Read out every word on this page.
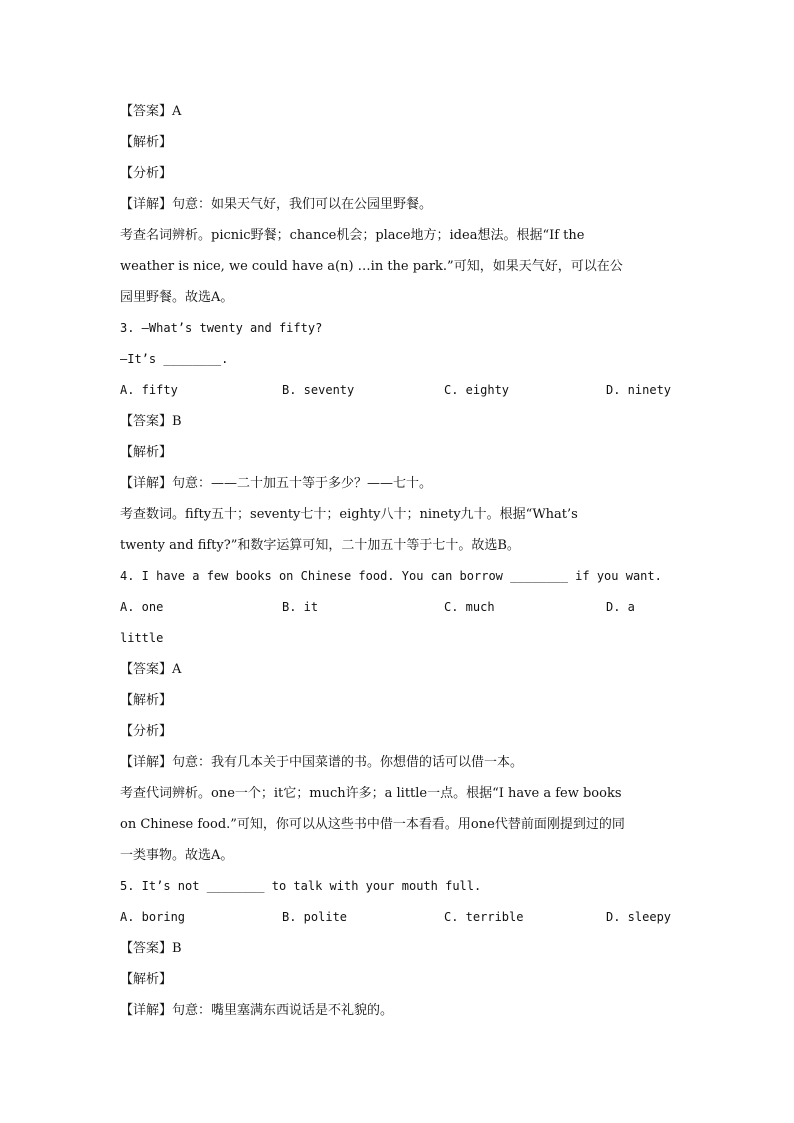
【答案】A

【解析】

【分析】

【详解】句意：如果天气好，我们可以在公园里野餐。

考查名词辨析。picnic野餐；chance机会；place地方；idea想法。根据“If the

weather is nice, we could have a(n) …in the park.”可知，如果天气好，可以在公

园里野餐。故选A。

3. —What’s twenty and fifty?

—It’s ________.

A. fifty	B. seventy	C. eighty	D. ninety

【答案】B

【解析】

【详解】句意：——二十加五十等于多少？——七十。

考查数词。fifty五十；seventy七十；eighty八十；ninety九十。根据“What’s

twenty and fifty?”和数字运算可知，二十加五十等于七十。故选B。

4. I have a few books on Chinese food. You can borrow ________ if you want.

A. one	B. it	C. much	D. a

little

【答案】A

【解析】

【分析】

【详解】句意：我有几本关于中国菜谱的书。你想借的话可以借一本。

考查代词辨析。one一个；it它；much许多；a little一点。根据“I have a few books

on Chinese food.”可知，你可以从这些书中借一本看看。用one代替前面刚提到过的同

一类事物。故选A。

5. It’s not ________ to talk with your mouth full.

A. boring	B. polite	C. terrible	D. sleepy

【答案】B

【解析】

【详解】句意：嘴里塞满东西说话是不礼貌的。
